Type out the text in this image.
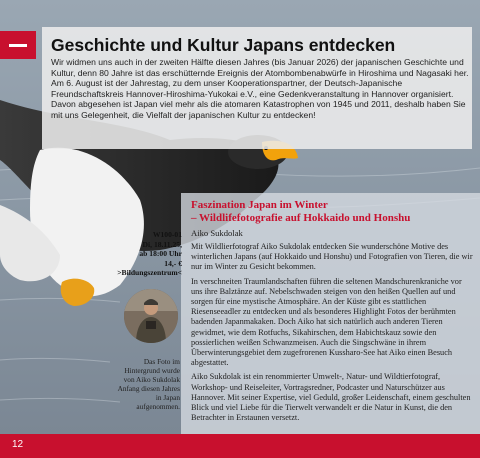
Geschichte und Kultur Japans entdecken

Wir widmen uns auch in der zweiten Hälfte diesen Jahres (bis Januar 2026) der japanischen Geschichte und Kultur, denn 80 Jahre ist das erschütternde Ereignis der Atombombenabwürfe in Hiroshima und Nagasaki her. Am 6. August ist der Jahrestag, zu dem unser Kooperationspartner, der Deutsch-Japanische Freundschaftskreis Hannover-Hiroshima-Yukokai e.V., eine Gedenkveranstaltung in Hannover organisiert. Davon abgesehen ist Japan viel mehr als die atomaren Katastrophen von 1945 und 2011, deshalb haben Sie mit uns Gelegenheit, die Vielfalt der japanischen Kultur zu entdecken!

Faszination Japan im Winter
– Wildlifefotografie auf Hokkaido und Honshu

Aiko Sukdolak

Mit Wildlierfotograf Aiko Sukdolak entdecken Sie wunderschöne Motive des winterlichen Japans (auf Hokkaido und Honshu) und Fotografien von Tieren, die wir nur im Winter zu Gesicht bekommen.

In verschneiten Traumlandschaften führen die seltenen Mandschurenkraniche vor uns ihre Balztänze auf. Nebelschwaden steigen von den heißen Quellen auf und sorgen für eine mystische Atmosphäre. An der Küste gibt es stattlichen Riesenseeadler zu entdecken und als besonderes Highlight Fotos der berühmten badenden Japanmakaken. Doch Aiko hat sich natürlich auch anderen Tieren gewidmet, wie dem Rotfuchs, Sikahirschen, dem Habichtskauz sowie den possierlichen weißen Schwanzmeisen. Auch die Singschwäne in ihrem Überwinterungsgebiet dem zugefrorenen Kussharo-See hat Aiko einen Besuch abgestattet.

Aiko Sukdolak ist ein renommierter Umwelt-, Natur- und Wildtierfotograf, Workshop- und Reiseleiter, Vortragsredner, Podcaster und Naturschützer aus Hannover. Mit seiner Expertise, viel Geduld, großer Leidenschaft, einem geschulten Blick und viel Liebe für die Tierwelt verwandelt er die Natur in Kunst, die den Betrachter in Erstaunen versetzt.

W100-01
Di, 18.11.25,
ab 18:00 Uhr
14,- €
>Bildungszentrum<
Das Foto im Hintergrund wurde von Aiko Sukdolak Anfang diesen Jahres in Japan aufgenommen.
12
